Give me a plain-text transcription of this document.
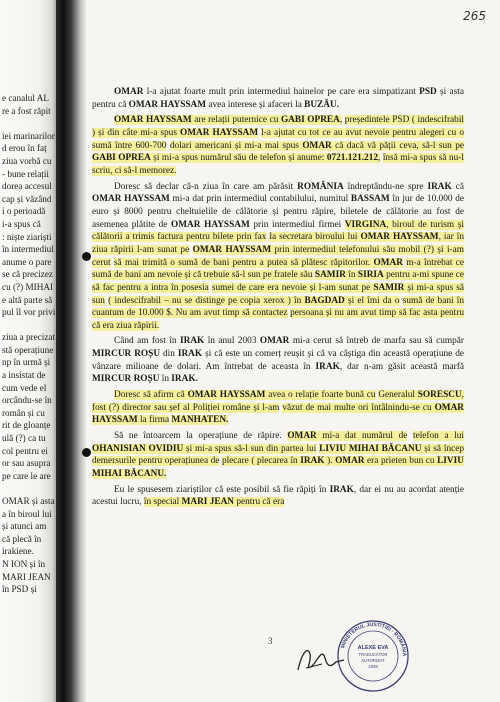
e canalul AL
re a fost răpit
iei marinarilor
d erou în faț
ziua vorbă cu
- bune relații
dorea accesul
cap și văzând
i o perioadă
i-a spus că
: niște ziariști
în intermediul
anume o pare
se că precizez
cu (?) MIHAI
e altă parte să
pul îl vor privi
ziua a precizat
stă operațiune
np în urmă și
a insistat de
cum vede el
orcându-se în
român și cu
rit de gloanțe
ulă (?) ca tu
col pentru ei
or sau asupra
pe care le are
OMAR și asta
a în biroul lui
și atunci am
că plecă în
irakiene.
N ION și în
MARI JEAN
în PSD și
265

OMAR l-a ajutat foarte mult prin intermediul hainelor pe care era simpatizant PSD și asta pentru că OMAR HAYSSAM avea interese și afaceri la BUZĂU.

OMAR HAYSSAM are relații puternice cu GABI OPREA, președintele PSD ( indescifrabil ) și din câte mi-a spus OMAR HAYSSAM l-a ajutat cu tot ce au avut nevoie pentru alegeri cu o sumă între 600-700 dolari americani și mi-a mai spus OMAR că dacă vă pății ceva, să-l sun pe GABI OPREA și mi-a spus numărul său de telefon și anume: 0721.121.212, însă mi-a spus să nu-l scriu, ci să-l memorez.

Doresc să declar că-n ziua în care am părăsit ROMÂNIA îndreptându-ne spre IRAK că OMAR HAYSSAM mi-a dat prin intermediul contabilului, numitul BASSAM în jur de 10.000 de euro și 8000 pentru cheltuielile de călătorie și pentru răpire, biletele de călătorie au fost de asemenea plătite de OMAR HAYSSAM prin intermediul firmei VIRGINA, biroul de turism și călătorii a trimis factura pentru bilete prin fax la secretara biroului lui OMAR HAYSSAM, iar în ziua răpirii l-am sunat pe OMAR HAYSSAM prin intermediul telefonului său mobil (?) și i-am cerut să mai trimită o sumă de bani pentru a putea să plătesc răpitorilor. OMAR m-a întrebat ce sumă de bani am nevoie și că trebuie să-l sun pe fratele său SAMIR în SIRIA pentru a-mi spune ce să fac pentru a intra în posesia sumei de care era nevoie și l-am sunat pe SAMIR și mi-a spus să sun ( indescifrabil – nu se distinge pe copia xerox ) în BAGDAD și el îmi da o sumă de bani în cuantum de 10.000 $. Nu am avut timp să contactez persoana și nu am avut timp să fac asta pentru că era ziua răpirii.

Când am fost în IRAK în anul 2003 OMAR mi-a cerut să întreb de marfa sau să cumpăr MIRCUR ROȘU din IRAK și că este un comerț reușit și că va câștiga din această operațiune de vânzare milioane de dolari. Am întrebat de aceasta în IRAK, dar n-am găsit această marfă MIRCUR ROȘU în IRAK.

Doresc să afirm că OMAR HAYSSAM avea o relație foarte bună cu Generalul SORESCU, fost (?) director sau șef al Poliției române și l-am văzut de mai multe ori întâlnindu-se cu OMAR HAYSSAM la firma MANHATEN.

Să ne întoarcem la operațiune de răpire. OMAR mi-a dat numărul de telefon a lui OHANISIAN OVIDIU și mi-a spus să-l sun din partea lui LIVIU MIHAI BĂCANU și să încep demersurile pentru operațiunea de plecare ( plecarea în IRAK ). OMAR era prieten bun cu LIVIU MIHAI BĂCANU.

Eu le spusesem ziariștilor că este posibil să fie răpiți în IRAK, dar ei nu au acordat atenție acestui lucru, în special MARI JEAN pentru că era

3
MINISTERUL JUSTIȚIEI · ROMÂNIA
ALEXE EVA
TRADUCĂTOR
AUTORIZAT
2348
